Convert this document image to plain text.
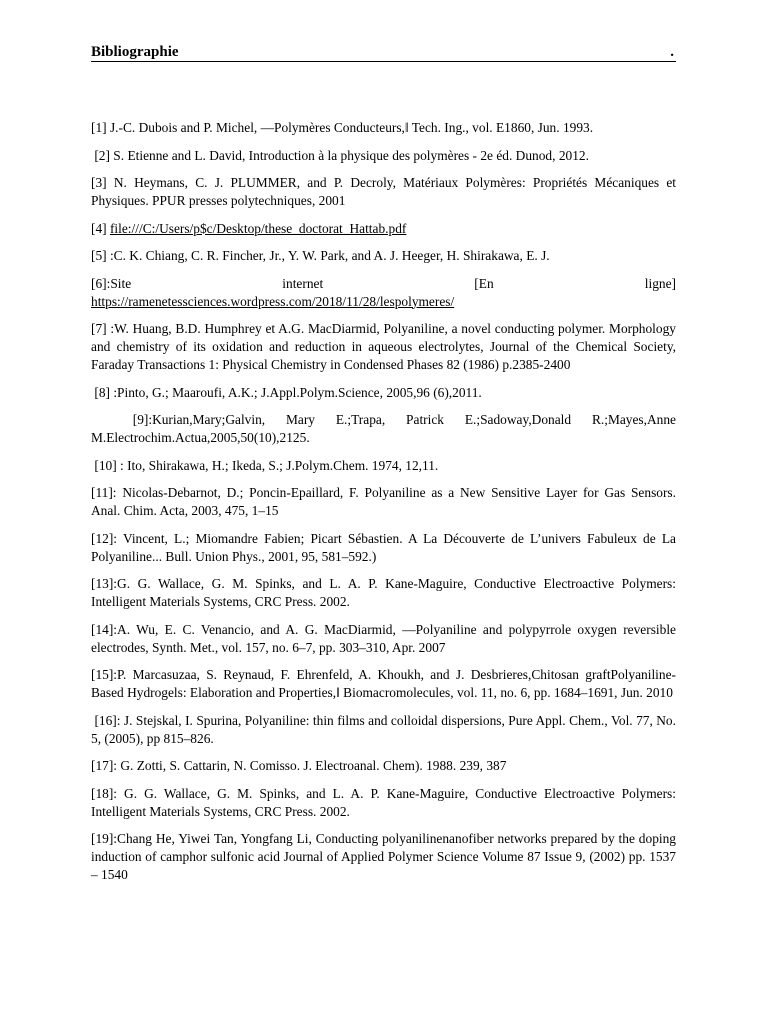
Bibliographie	.

[1] J.-C. Dubois and P. Michel, ―Polymères Conducteurs,‖ Tech. Ing., vol. E1860, Jun. 1993.

[2] S. Etienne and L. David, Introduction à la physique des polymères - 2e éd. Dunod, 2012.

[3] N. Heymans, C. J. PLUMMER, and P. Decroly, Matériaux Polymères: Propriétés Mécaniques et Physiques. PPUR presses polytechniques, 2001

[4] file:///C:/Users/p$c/Desktop/these_doctorat_Hattab.pdf

[5] :C. K. Chiang, C. R. Fincher, Jr., Y. W. Park, and A. J. Heeger, H. Shirakawa, E. J.

[6]:Site internet [En ligne]
https://ramenetessciences.wordpress.com/2018/11/28/lespolymeres/

[7] :W. Huang, B.D. Humphrey et A.G. MacDiarmid, Polyaniline, a novel conducting polymer. Morphology and chemistry of its oxidation and reduction in aqueous electrolytes, Journal of the Chemical Society, Faraday Transactions 1: Physical Chemistry in Condensed Phases 82 (1986) p.2385-2400

[8] :Pinto, G.; Maaroufi, A.K.; J.Appl.Polym.Science, 2005,96 (6),2011.

[9]:Kurian,Mary;Galvin, Mary E.;Trapa, Patrick E.;Sadoway,Donald R.;Mayes,Anne M.Electrochim.Actua,2005,50(10),2125.

[10] : Ito, Shirakawa, H.; Ikeda, S.; J.Polym.Chem. 1974, 12,11.

[11]: Nicolas-Debarnot, D.; Poncin-Epaillard, F. Polyaniline as a New Sensitive Layer for Gas Sensors. Anal. Chim. Acta, 2003, 475, 1–15

[12]: Vincent, L.; Miomandre Fabien; Picart Sébastien. A La Découverte de L’univers Fabuleux de La Polyaniline... Bull. Union Phys., 2001, 95, 581–592.)

[13]:G. G. Wallace, G. M. Spinks, and L. A. P. Kane-Maguire, Conductive Electroactive Polymers: Intelligent Materials Systems, CRC Press. 2002.

[14]:A. Wu, E. C. Venancio, and A. G. MacDiarmid, ―Polyaniline and polypyrrole oxygen reversible electrodes, Synth. Met., vol. 157, no. 6–7, pp. 303–310, Apr. 2007

[15]:P. Marcasuzaa, S. Reynaud, F. Ehrenfeld, A. Khoukh, and J. Desbrieres,Chitosan graftPolyaniline-Based Hydrogels: Elaboration and Properties,‖ Biomacromolecules, vol. 11, no. 6, pp. 1684–1691, Jun. 2010

[16]: J. Stejskal, I. Spurina, Polyaniline: thin films and colloidal dispersions, Pure Appl. Chem., Vol. 77, No. 5, (2005), pp 815–826.

[17]: G. Zotti, S. Cattarin, N. Comisso. J. Electroanal. Chem). 1988. 239, 387

[18]: G. G. Wallace, G. M. Spinks, and L. A. P. Kane-Maguire, Conductive Electroactive Polymers: Intelligent Materials Systems, CRC Press. 2002.

[19]:Chang He, Yiwei Tan, Yongfang Li, Conducting polyanilinenanofiber networks prepared by the doping induction of camphor sulfonic acid Journal of Applied Polymer Science Volume 87 Issue 9, (2002) pp. 1537 – 1540
